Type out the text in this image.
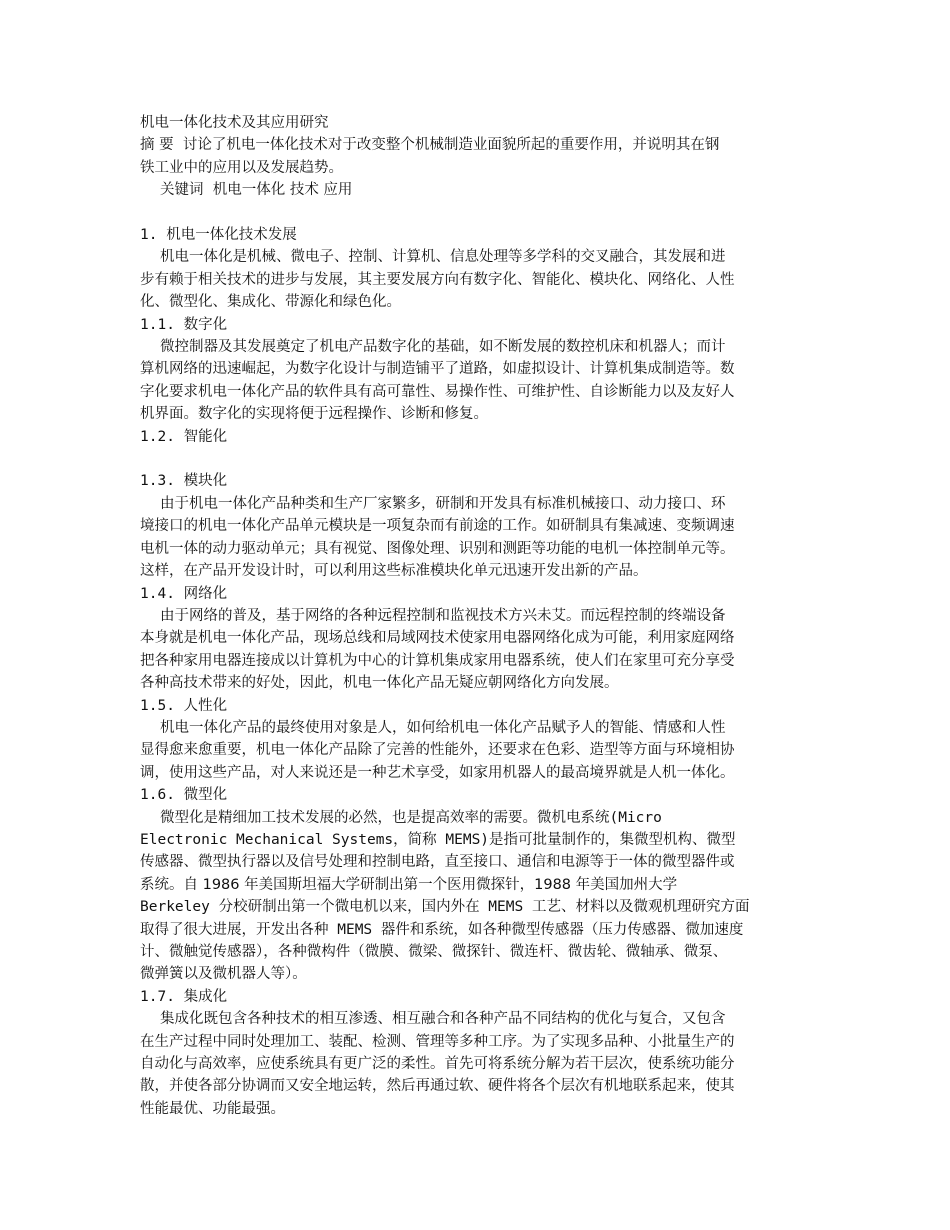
机电一体化技术及其应用研究
摘 要 讨论了机电一体化技术对于改变整个机械制造业面貌所起的重要作用，并说明其在钢
铁工业中的应用以及发展趋势。
关键词 机电一体化 技术 应用
1. 机电一体化技术发展
机电一体化是机械、微电子、控制、计算机、信息处理等多学科的交叉融合，其发展和进
步有赖于相关技术的进步与发展，其主要发展方向有数字化、智能化、模块化、网络化、人性
化、微型化、集成化、带源化和绿色化。
1.1. 数字化
微控制器及其发展奠定了机电产品数字化的基础，如不断发展的数控机床和机器人；而计
算机网络的迅速崛起，为数字化设计与制造铺平了道路，如虚拟设计、计算机集成制造等。数
字化要求机电一体化产品的软件具有高可靠性、易操作性、可维护性、自诊断能力以及友好人
机界面。数字化的实现将便于远程操作、诊断和修复。
1.2. 智能化
1.3. 模块化
由于机电一体化产品种类和生产厂家繁多，研制和开发具有标准机械接口、动力接口、环
境接口的机电一体化产品单元模块是一项复杂而有前途的工作。如研制具有集减速、变频调速
电机一体的动力驱动单元；具有视觉、图像处理、识别和测距等功能的电机一体控制单元等。
这样，在产品开发设计时，可以利用这些标准模块化单元迅速开发出新的产品。
1.4. 网络化
由于网络的普及，基于网络的各种远程控制和监视技术方兴未艾。而远程控制的终端设备
本身就是机电一体化产品，现场总线和局域网技术使家用电器网络化成为可能，利用家庭网络
把各种家用电器连接成以计算机为中心的计算机集成家用电器系统，使人们在家里可充分享受
各种高技术带来的好处，因此，机电一体化产品无疑应朝网络化方向发展。
1.5. 人性化
机电一体化产品的最终使用对象是人，如何给机电一体化产品赋予人的智能、情感和人性
显得愈来愈重要，机电一体化产品除了完善的性能外，还要求在色彩、造型等方面与环境相协
调，使用这些产品，对人来说还是一种艺术享受，如家用机器人的最高境界就是人机一体化。
1.6. 微型化
微型化是精细加工技术发展的必然，也是提高效率的需要。微机电系统(Micro
Electronic Mechanical Systems，简称 MEMS)是指可批量制作的，集微型机构、微型
传感器、微型执行器以及信号处理和控制电路，直至接口、通信和电源等于一体的微型器件或
系统。自 1986 年美国斯坦福大学研制出第一个医用微探针，1988 年美国加州大学
Berkeley 分校研制出第一个微电机以来，国内外在 MEMS 工艺、材料以及微观机理研究方面
取得了很大进展，开发出各种 MEMS 器件和系统，如各种微型传感器（压力传感器、微加速度
计、微触觉传感器），各种微构件（微膜、微梁、微探针、微连杆、微齿轮、微轴承、微泵、
微弹簧以及微机器人等）。
1.7. 集成化
集成化既包含各种技术的相互渗透、相互融合和各种产品不同结构的优化与复合，又包含
在生产过程中同时处理加工、装配、检测、管理等多种工序。为了实现多品种、小批量生产的
自动化与高效率，应使系统具有更广泛的柔性。首先可将系统分解为若干层次，使系统功能分
散，并使各部分协调而又安全地运转，然后再通过软、硬件将各个层次有机地联系起来，使其
性能最优、功能最强。
